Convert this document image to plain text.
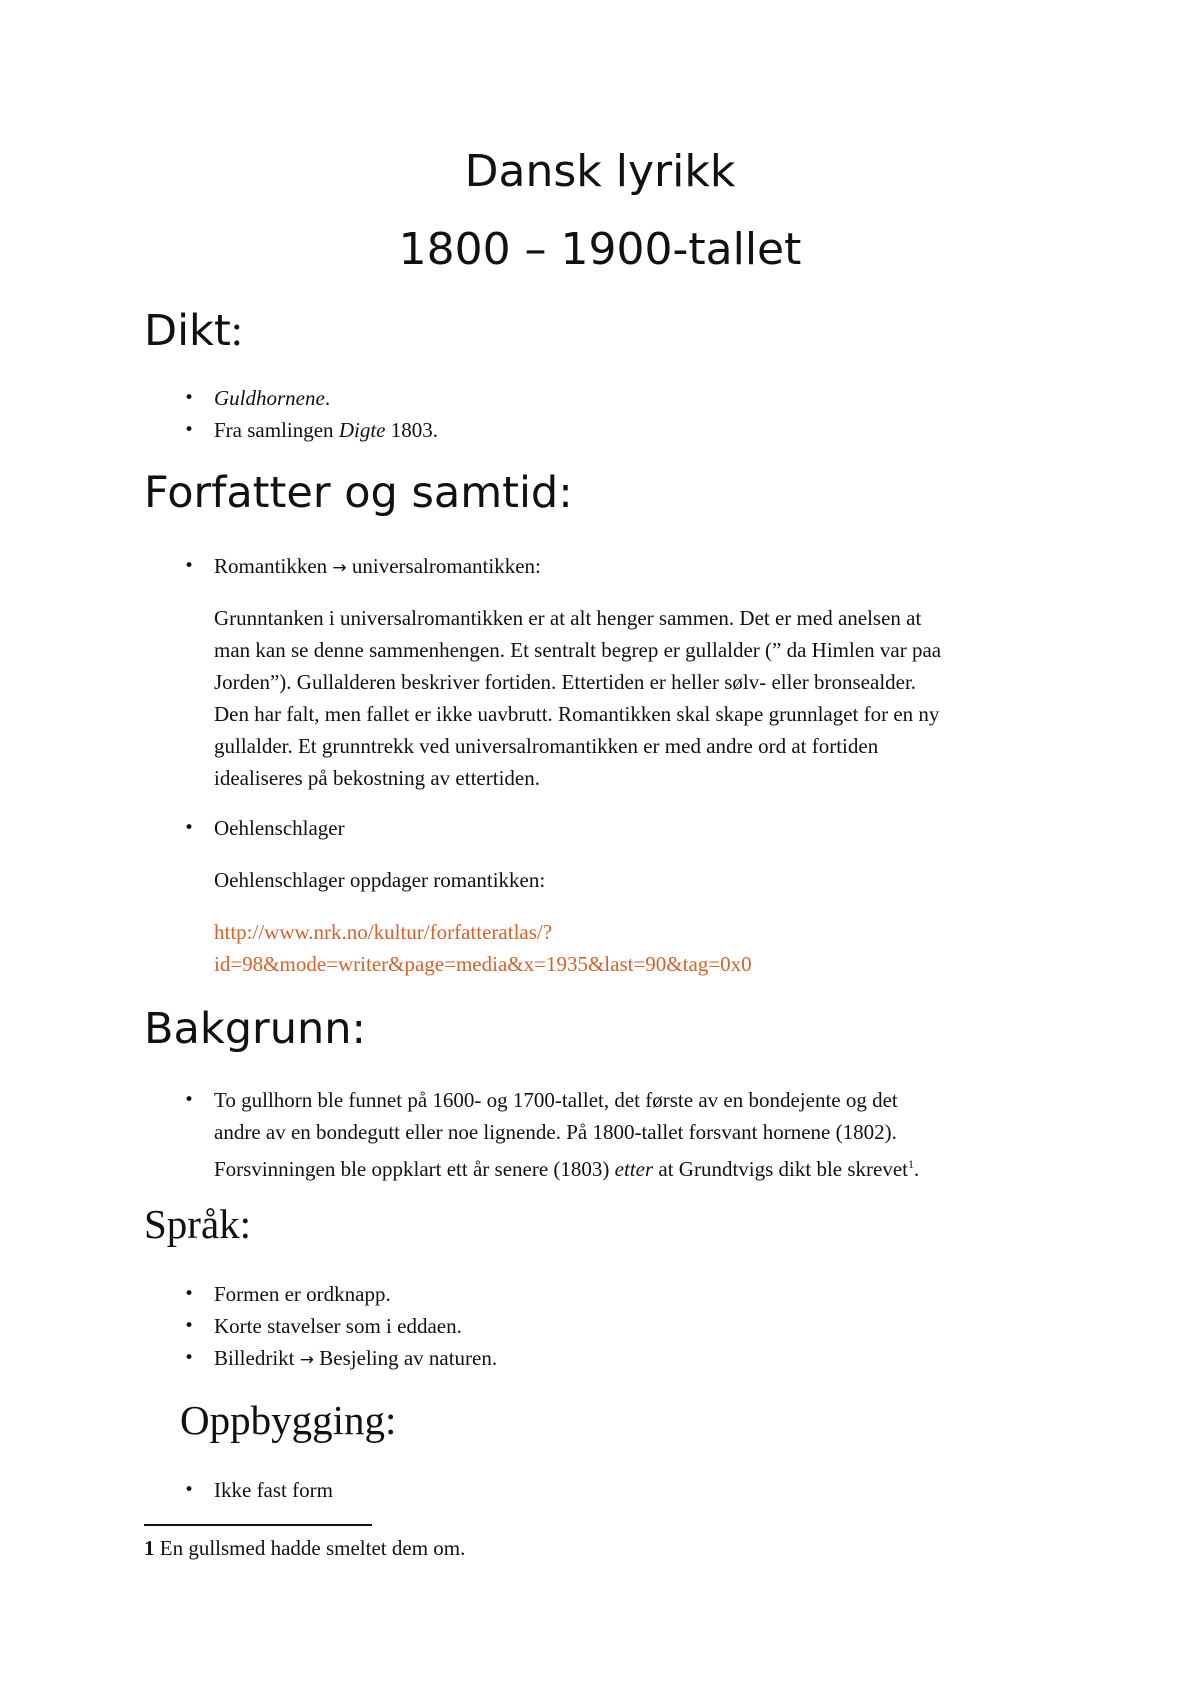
Dansk lyrikk
1800 – 1900-tallet
Dikt:
• Guldhornene.
• Fra samlingen Digte 1803.
Forfatter og samtid:
• Romantikken → universalromantikken:
Grunntanken i universalromantikken er at alt henger sammen. Det er med anelsen at
man kan se denne sammenhengen. Et sentralt begrep er gullalder (” da Himlen var paa
Jorden”). Gullalderen beskriver fortiden. Ettertiden er heller sølv- eller bronsealder.
Den har falt, men fallet er ikke uavbrutt. Romantikken skal skape grunnlaget for en ny
gullalder. Et grunntrekk ved universalromantikken er med andre ord at fortiden
idealiseres på bekostning av ettertiden.
• Oehlenschlager
Oehlenschlager oppdager romantikken:
http://www.nrk.no/kultur/forfatteratlas/?
id=98&mode=writer&page=media&x=1935&last=90&tag=0x0
Bakgrunn:
• To gullhorn ble funnet på 1600- og 1700-tallet, det første av en bondejente og det
andre av en bondegutt eller noe lignende. På 1800-tallet forsvant hornene (1802).
Forsvinningen ble oppklart ett år senere (1803) etter at Grundtvigs dikt ble skrevet$^1$.
Språk:
• Formen er ordknapp.
• Korte stavelser som i eddaen.
• Billedrikt → Besjeling av naturen.
Oppbygging:
• Ikke fast form
1 En gullsmed hadde smeltet dem om.
